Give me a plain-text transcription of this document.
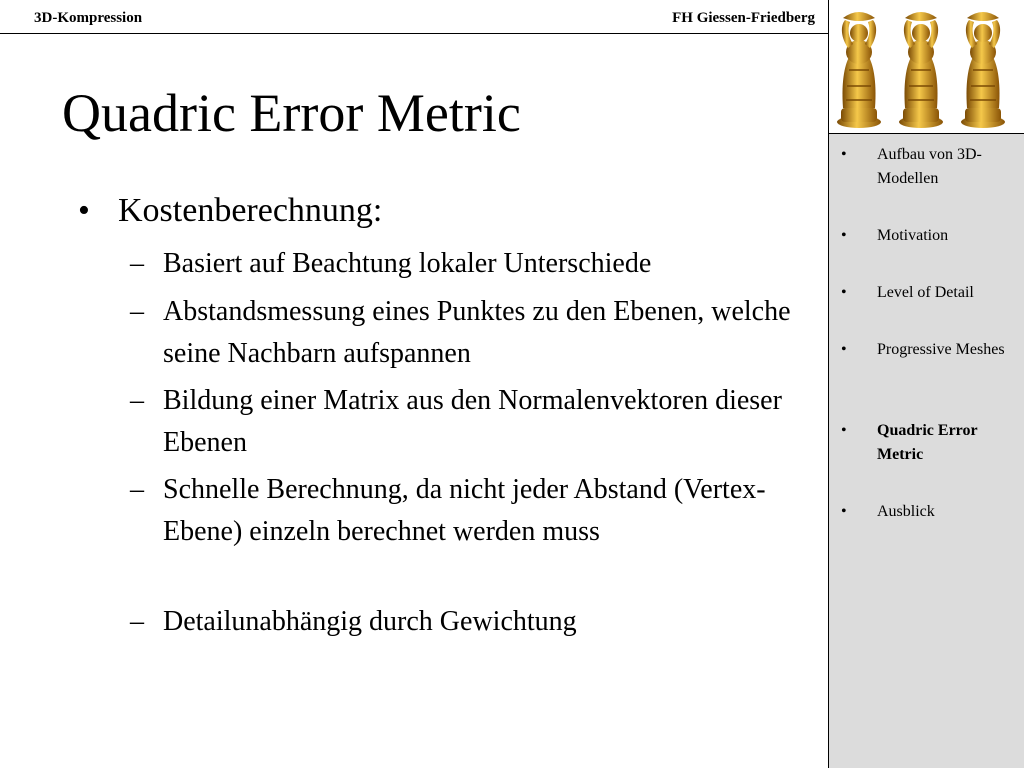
3D-Kompression	FH Giessen-Friedberg
• Aufbau von 3D-Modellen
• Motivation
• Level of Detail
• Progressive Meshes
• Quadric Error Metric
• Ausblick
Quadric Error Metric
• Kostenberechnung:
– Basiert auf Beachtung lokaler Unterschiede
– Abstandsmessung eines Punktes zu den Ebenen, welche seine Nachbarn aufspannen
– Bildung einer Matrix aus den Normalenvektoren dieser Ebenen
– Schnelle Berechnung, da nicht jeder Abstand (Vertex-Ebene) einzeln berechnet werden muss
– Detailunabhängig durch Gewichtung
